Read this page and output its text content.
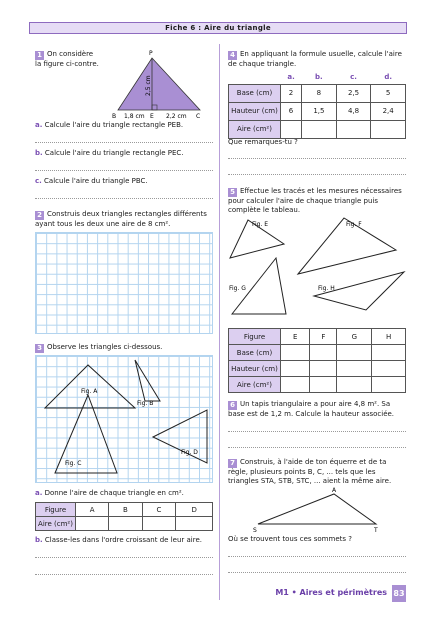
Fiche 6 : Aire du triangle
1 On considère
la figure ci-contre.
P
B	E	C
2,5 cm
1,8 cm	2,2 cm
a. Calcule l'aire du triangle rectangle PEB.
b. Calcule l'aire du triangle rectangle PEC.
c. Calcule l'aire du triangle PBC.
2 Construis deux triangles rectangles différents
ayant tous les deux une aire de 8 cm².
3 Observe les triangles ci-dessous.
Fig. A
Fig. B
Fig. C
Fig. D
a. Donne l'aire de chaque triangle en cm².
Figure	A	B	C	D
Aire (cm²)				
b. Classe-les dans l'ordre croissant de leur aire.
4 En appliquant la formule usuelle, calcule l'aire
de chaque triangle.
	a.	b.	c.	d.
Base (cm)	2	8	2,5	5
Hauteur (cm)	6	1,5	4,8	2,4
Aire (cm²)				
Que remarques-tu ?
5 Effectue les tracés et les mesures nécessaires
pour calculer l'aire de chaque triangle puis
complète le tableau.
Fig. E	Fig. F
Fig. G	Fig. H
Figure	E	F	G	H
Base (cm)				
Hauteur (cm)				
Aire (cm²)				
6 Un tapis triangulaire a pour aire 4,8 m². Sa
base est de 1,2 m. Calcule la hauteur associée.
7 Construis, à l'aide de ton équerre et de ta
règle, plusieurs points B, C, ... tels que les
triangles STA, STB, STC, ... aient la même aire.
A
S	T
Où se trouvent tous ces sommets ?
M1 • Aires et périmètres 83
